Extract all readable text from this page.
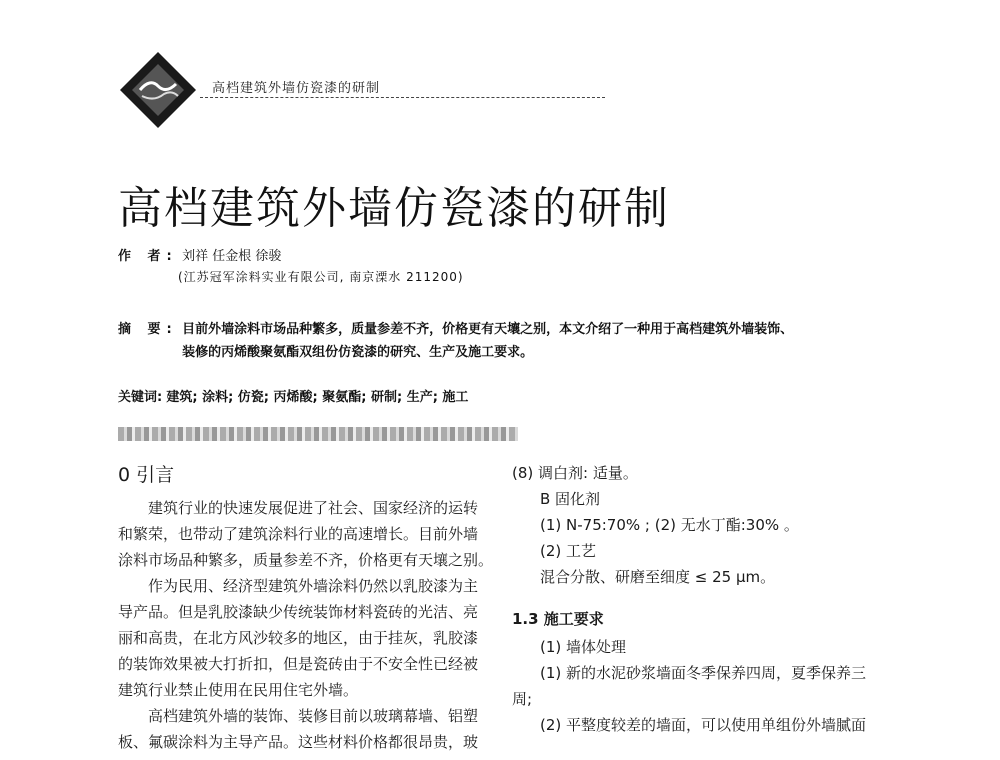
高档建筑外墙仿瓷漆的研制
高档建筑外墙仿瓷漆的研制
作 者: 刘祥 任金根 徐骏
(江苏冠军涂料实业有限公司, 南京溧水 211200)
摘 要: 目前外墙涂料市场品种繁多，质量参差不齐，价格更有天壤之别，本文介绍了一种用于高档建筑外墙装饰、
装修的丙烯酸聚氨酯双组份仿瓷漆的研究、生产及施工要求。
关键词: 建筑; 涂料; 仿瓷; 丙烯酸; 聚氨酯; 研制; 生产; 施工
0 引言
建筑行业的快速发展促进了社会、国家经济的运转
和繁荣，也带动了建筑涂料行业的高速增长。目前外墙
涂料市场品种繁多，质量参差不齐，价格更有天壤之别。
作为民用、经济型建筑外墙涂料仍然以乳胶漆为主
导产品。但是乳胶漆缺少传统装饰材料瓷砖的光洁、亮
丽和高贵，在北方风沙较多的地区，由于挂灰，乳胶漆
的装饰效果被大打折扣，但是瓷砖由于不安全性已经被
建筑行业禁止使用在民用住宅外墙。
高档建筑外墙的装饰、装修目前以玻璃幕墙、铝塑
板、氟碳涂料为主导产品。这些材料价格都很昂贵，玻
(8) 调白剂: 适量。
B 固化剂
(1) N-75:70% ; (2) 无水丁酯:30% 。
(2) 工艺
混合分散、研磨至细度 ≤ 25 μm。
1.3 施工要求
(1) 墙体处理
(1) 新的水泥砂浆墙面冬季保养四周，夏季保养三
周;
(2) 平整度较差的墙面，可以使用单组份外墙腻面
